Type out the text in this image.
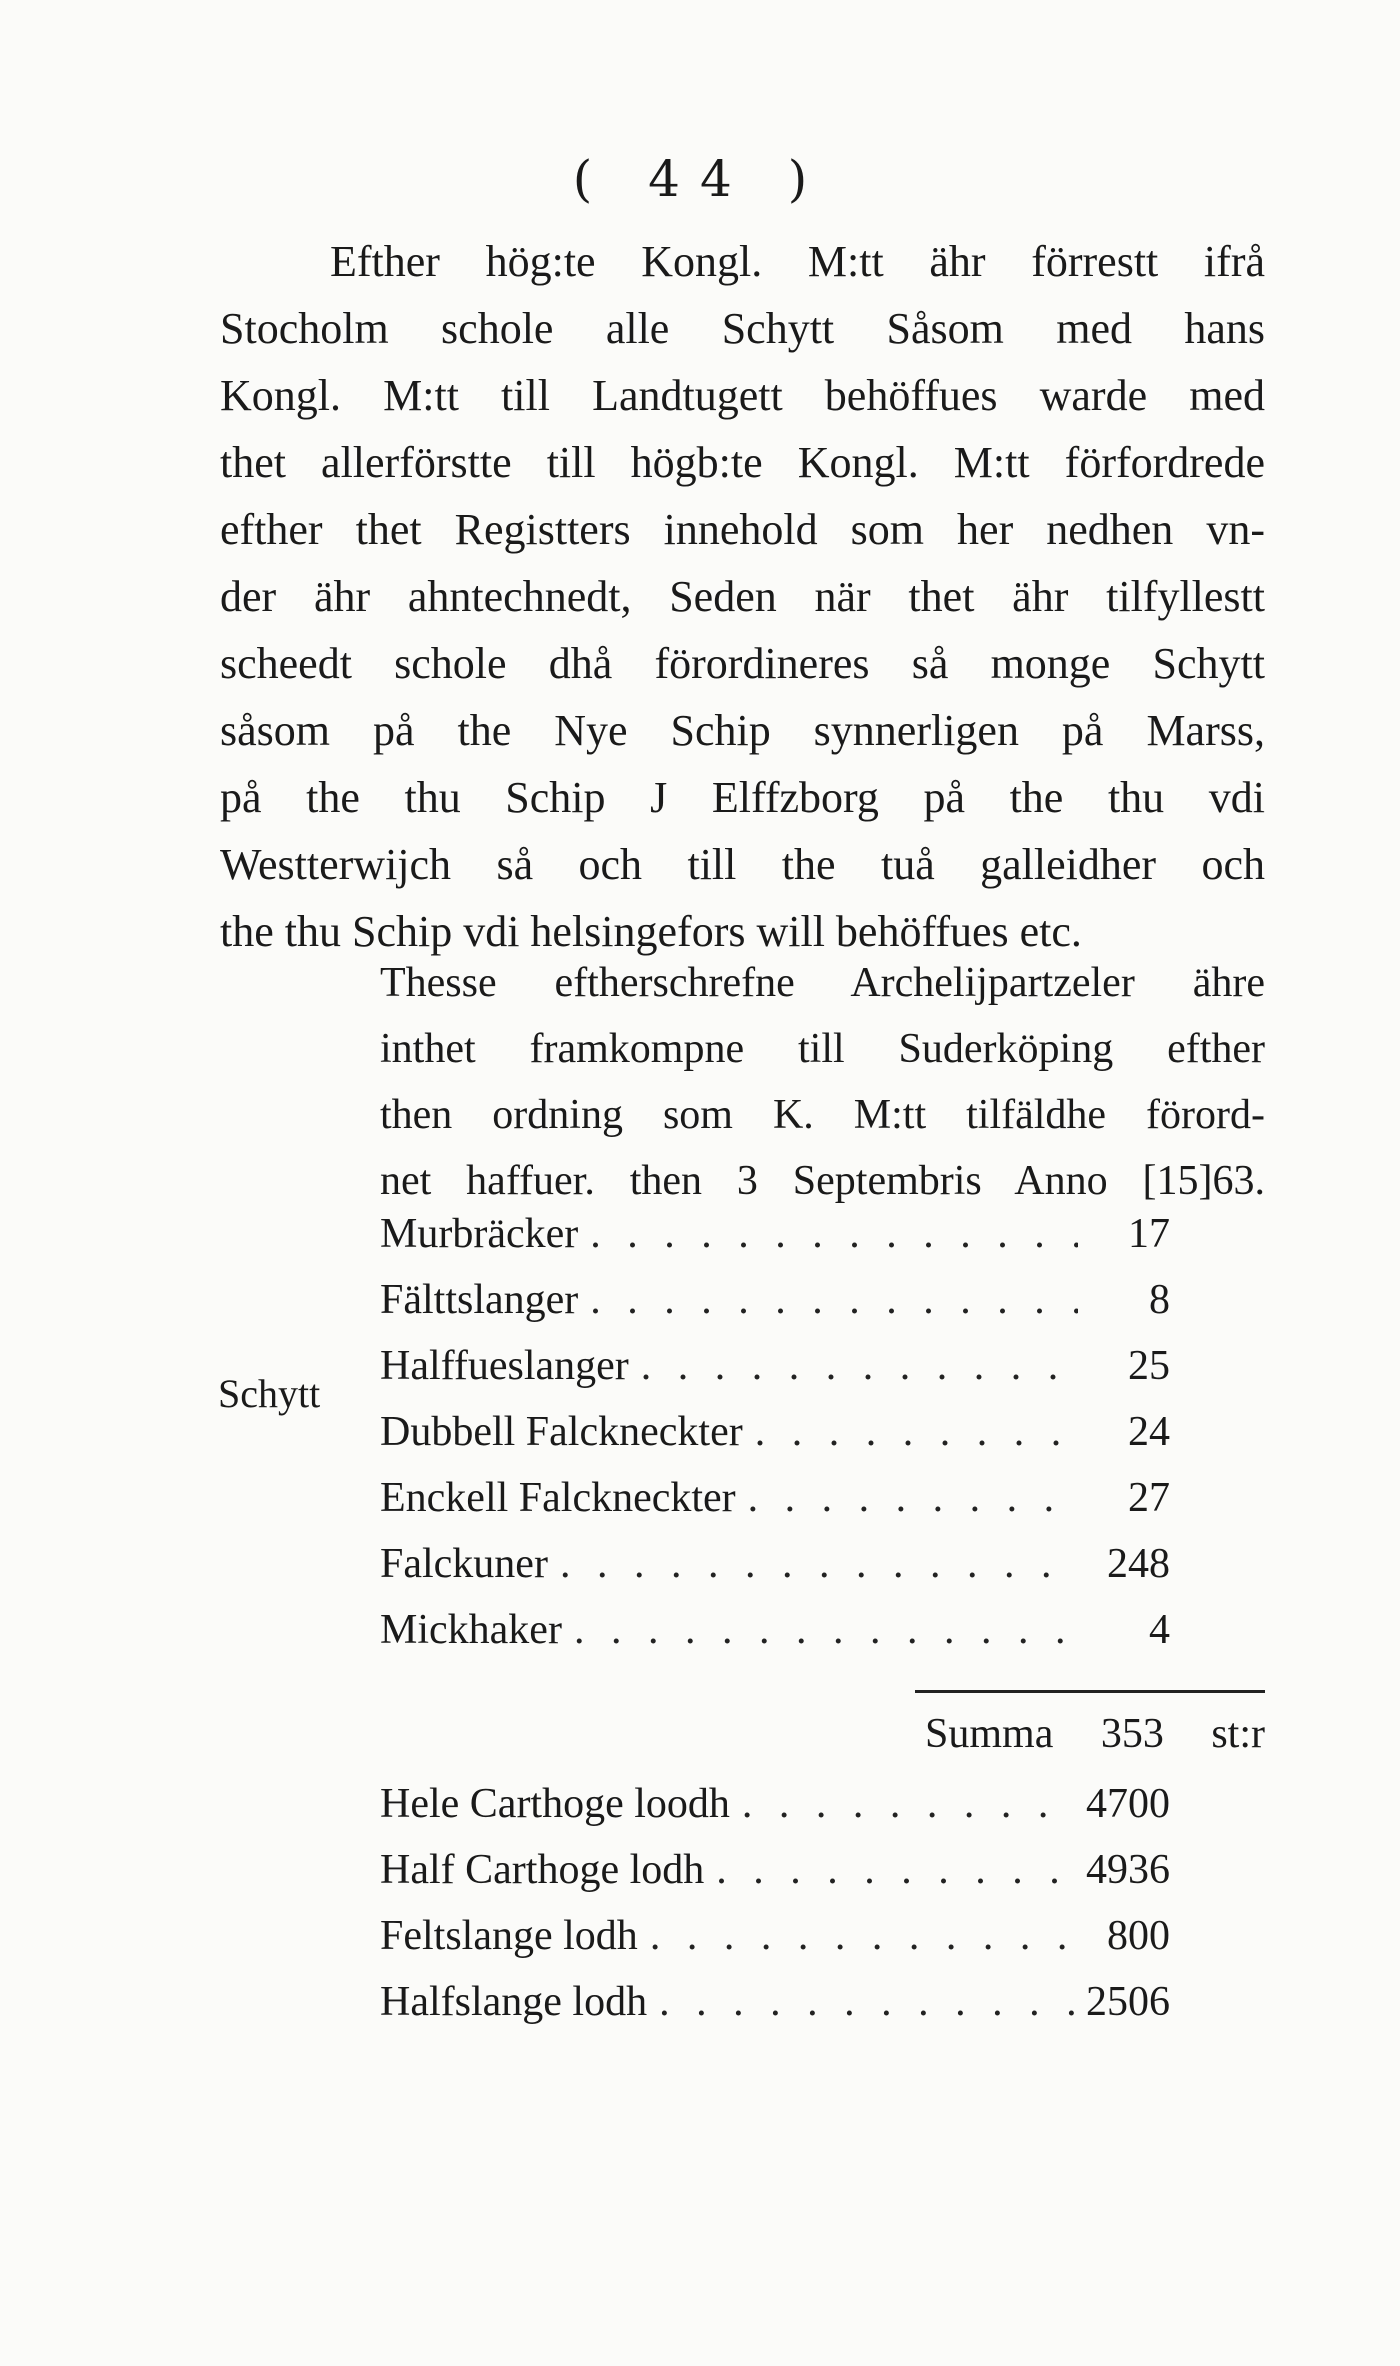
( 44 )
Efther hög:te Kongl. M:tt ähr förrestt ifrå
Stocholm schole alle Schytt Såsom med hans
Kongl. M:tt till Landtugett behöffues warde med
thet allerförstte till högb:te Kongl. M:tt förfordrede
efther thet Registters innehold som her nedhen vn-
der ähr ahntechnedt, Seden när thet ähr tilfyllestt
scheedt schole dhå förordineres så monge Schytt
såsom på the Nye Schip synnerligen på Marss,
på the thu Schip J Elffzborg på the thu vdi
Westterwijch så och till the tuå galleidher och
the thu Schip vdi helsingefors will behöffues etc.
Thesse eftherschrefne Archelijpartzeler ähre
inthet framkompne till Suderköping efther
then ordning som K. M:tt tilfäldhe förord-
net haffuer. then 3 Septembris Anno [15]63.
Schytt
Murbräcker . . .	17
Fälttslanger . . .	8
Halffueslanger . . .	25
Dubbell Falckneckter . . .	24
Enckell Falckneckter . . .	27
Falckuner . . .	248
Mickhaker . . .	4
Summa 353 st:r
Hele Carthoge loodh . . .	4700
Half Carthoge lodh . . .	4936
Feltslange lodh . . .	800
Halfslange lodh . . .	2506
